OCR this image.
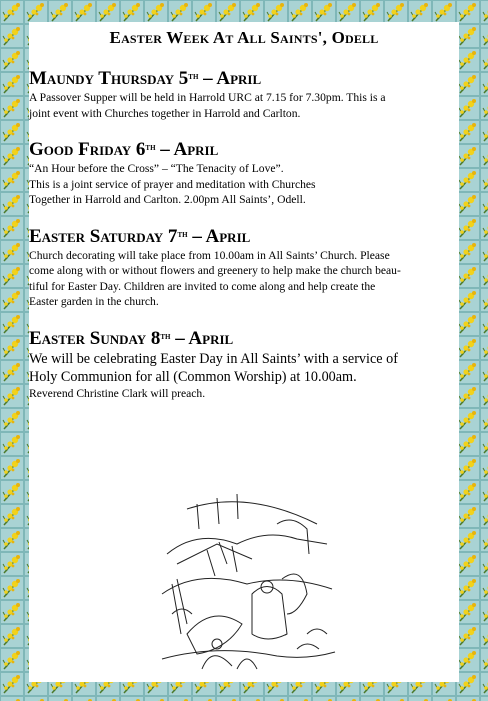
Easter Week At All Saints', Odell
Maundy Thursday 5th – April
A Passover Supper will be held in Harrold URC at 7.15 for 7.30pm. This is a
joint event with Churches together in Harrold and Carlton.
Good Friday 6th – April
“An Hour before the Cross” – “The Tenacity of Love”.
This is a joint service of prayer and meditation with Churches
Together in Harrold and Carlton. 2.00pm All Saints’, Odell.
Easter Saturday 7th – April
Church decorating will take place from 10.00am in All Saints’ Church. Please
come along with or without flowers and greenery to help make the church beau-
tiful for Easter Day. Children are invited to come along and help create the
Easter garden in the church.
Easter Sunday 8th – April
We will be celebrating Easter Day in All Saints’ with a service of
Holy Communion for all (Common Worship) at 10.00am.
Reverend Christine Clark will preach.
